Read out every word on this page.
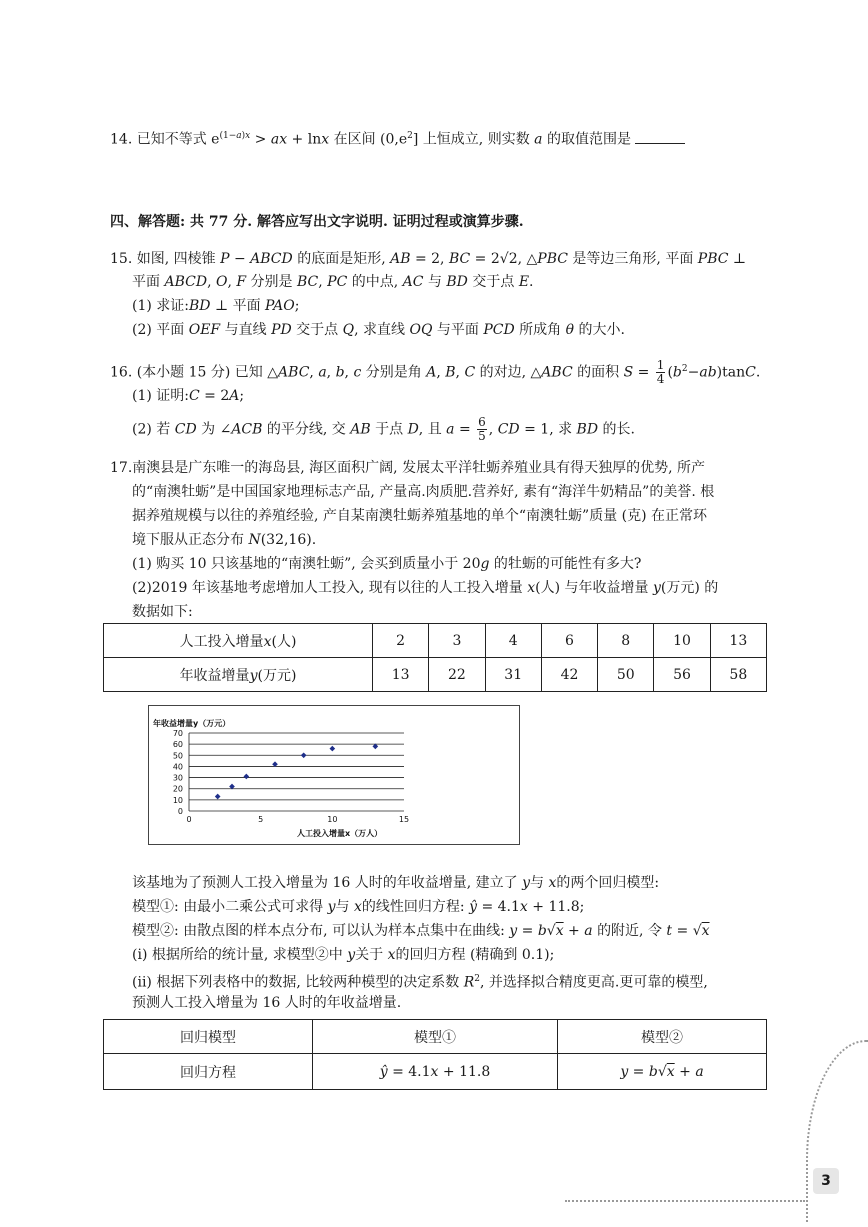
14. 已知不等式 $e^{(1-a)x}$ > ax + lnx 在区间 $(0,e^2]$ 上恒成立, 则实数 a 的取值范围是
四、解答题: 共 77 分. 解答应写出文字说明. 证明过程或演算步骤.
15. 如图, 四棱锥 P − ABCD 的底面是矩形, AB = 2, BC = 2√2, △PBC 是等边三角形, 平面 PBC ⊥
平面 ABCD, O, F 分别是 BC, PC 的中点, AC 与 BD 交于点 E.
(1) 求证:BD ⊥ 平面 PAO;
(2) 平面 OEF 与直线 PD 交于点 Q, 求直线 OQ 与平面 PCD 所成角 θ 的大小.
16. (本小题 15 分) 已知 △ABC, a, b, c 分别是角 A, B, C 的对边, △ABC 的面积 $S = \frac{1}{4} (b^2-ab)\tan C$.
(1) 证明:C = 2A;
(2) 若 CD 为 ∠ACB 的平分线, 交 AB 于点 D, 且 $a = \frac{6}{5}$ , CD = 1, 求 BD 的长.
17.南澳县是广东唯一的海岛县, 海区面积广阔, 发展太平洋牡蛎养殖业具有得天独厚的优势, 所产
的“南澳牡蛎”是中国国家地理标志产品, 产量高.肉质肥.营养好, 素有“海洋牛奶精品”的美誉. 根
据养殖规模与以往的养殖经验, 产自某南澳牡蛎养殖基地的单个“南澳牡蛎”质量 (克) 在正常环
境下服从正态分布 N(32,16).
(1) 购买 10 只该基地的“南澳牡蛎”, 会买到质量小于 20g 的牡蛎的可能性有多大?
(2)2019 年该基地考虑增加人工投入, 现有以往的人工投入增量 x(人) 与年收益增量 y(万元) 的
数据如下:
人工投入增量x(人)	2	3	4	6	8	10	13
年收益增量y(万元)	13	22	31	42	50	56	58
年收益增量y（万元）
人工投入增量x（万人）
0
10
20
30
40
50
60
70
0	5	10	15
该基地为了预测人工投入增量为 16 人时的年收益增量, 建立了 y与 x的两个回归模型:
模型①: 由最小二乘公式可求得 y与 x的线性回归方程: ŷ = 4.1x + 11.8;
模型②: 由散点图的样本点分布, 可以认为样本点集中在曲线: y = b√x + a 的附近, 令 t = √x
(i) 根据所给的统计量, 求模型②中 y关于 x的回归方程 (精确到 0.1);
(ii) 根据下列表格中的数据, 比较两种模型的决定系数 $R^2$, 并选择拟合精度更高.更可靠的模型,
预测人工投入增量为 16 人时的年收益增量.
回归模型	模型①	模型②
回归方程	ŷ = 4.1x + 11.8	y = b√x + a
3
